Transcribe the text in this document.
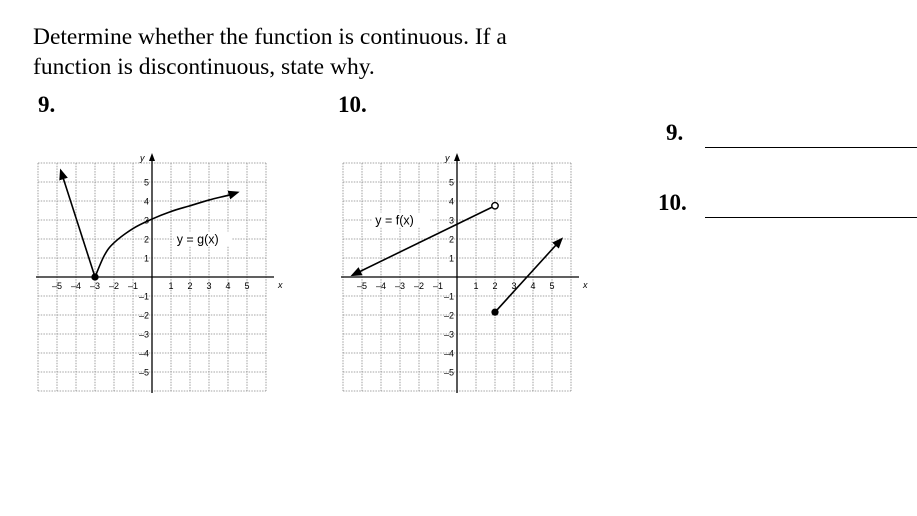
Determine whether the function is continuous. If a
function is discontinuous, state why.
9.	10.
x
y
–5 –4 –3 –2 –1	1 2 3 4 5
5
4
3
2
1
–1
–2
–3
–4
–5
y = g(x)
x
y
–5 –4 –3 –2 –1	1 2 3 4 5
5
4
3
2
1
–1
–2
–3
–4
–5
y = f(x)
9.
10.
